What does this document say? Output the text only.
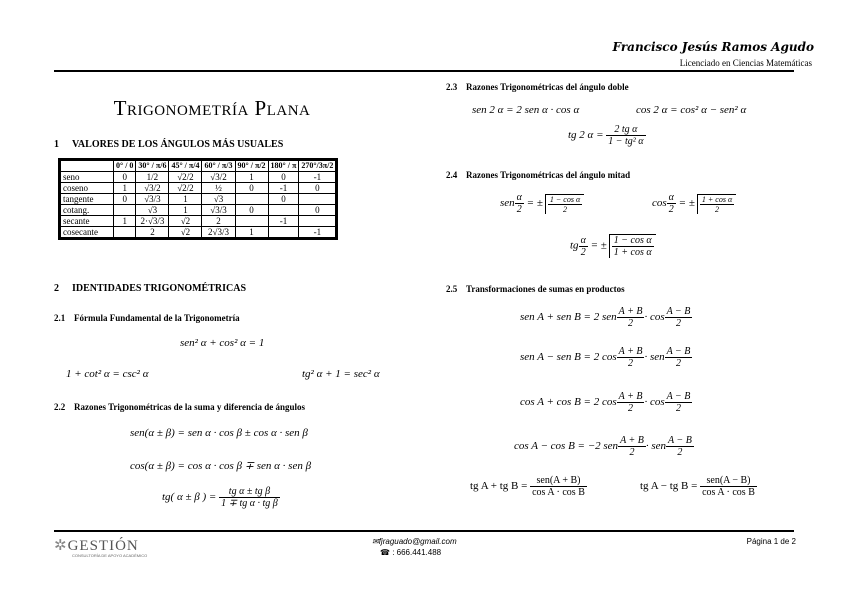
Francisco Jesús Ramos Agudo
Licenciado en Ciencias Matemáticas
Trigonometría Plana
1 VALORES DE LOS ÁNGULOS MÁS USUALES
	0° / 0	30° / π/6	45° / π/4	60° / π/3	90° / π/2	180° / π	270°/3π/2
seno	0	1/2	√2/2	√3/2	1	0	-1
coseno	1	√3/2	√2/2	½	0	-1	0
tangente	0	√3/3	1	√3		0	
cotang.		√3	1	√3/3	0		0
secante	1	2·√3/3	√2	2		-1	
cosecante		2	√2	2√3/3	1		-1
2 IDENTIDADES TRIGONOMÉTRICAS
2.1 Fórmula Fundamental de la Trigonometría
sen² α + cos² α = 1
1 + cot² α = csc² α	tg² α + 1 = sec² α
2.2 Razones Trigonométricas de la suma y diferencia de ángulos
sen(α ± β) = sen α · cos β ± cos α · sen β
cos(α ± β) = cos α · cos β ∓ sen α · sen β
tg( α ± β ) = $\frac{\text{tg α ± tg β}}{\text{1 ∓ tg α · tg β}}$
2.3 Razones Trigonométricas del ángulo doble
sen 2 α = 2 sen α · cos α	cos 2 α = cos² α − sen² α
tg 2 $\alpha = \frac{\text{2 tg α}}{\text{1 − tg² α}}$
2.4 Razones Trigonométricas del ángulo mitad
sen $\frac{\alpha}{2}$ = ± $\frac{\text{1 − cos α}}{2}$	$\cos \frac{\alpha}{2}$ = ± $\frac{\text{1 + cos α}}{2}$
tg $\frac{\alpha}{2}$ = ± $\frac{\text{1 − cos α}}{\text{1 + cos α}}$
2.5 Transformaciones de sumas en productos
sen A + sen B = 2 sen $\frac{A + B}{2} \cdot \cos \frac{A - B}{2}$
sen A − sen B = 2 $\cos \frac{A + B}{2}$ · sen $\frac{A - B}{2}$
cos A + cos B = 2 $\cos \frac{A + B}{2} \cdot \cos \frac{A - B}{2}$
cos A − cos B = −2 sen $\frac{A + B}{2}$ · sen $\frac{A - B}{2}$
tg A + tg $B = \frac{\text{sen(A + B)}}{\text{cos A · cos B}}$	tg A − tg $B = \frac{\text{sen(A − B)}}{\text{cos A · cos B}}$
✲GESTIÓN
CONSULTORÍA DE APOYO ACADÉMICO
✉fjraguado@gmail.com
☎ : 666.441.488
Página 1 de 2
